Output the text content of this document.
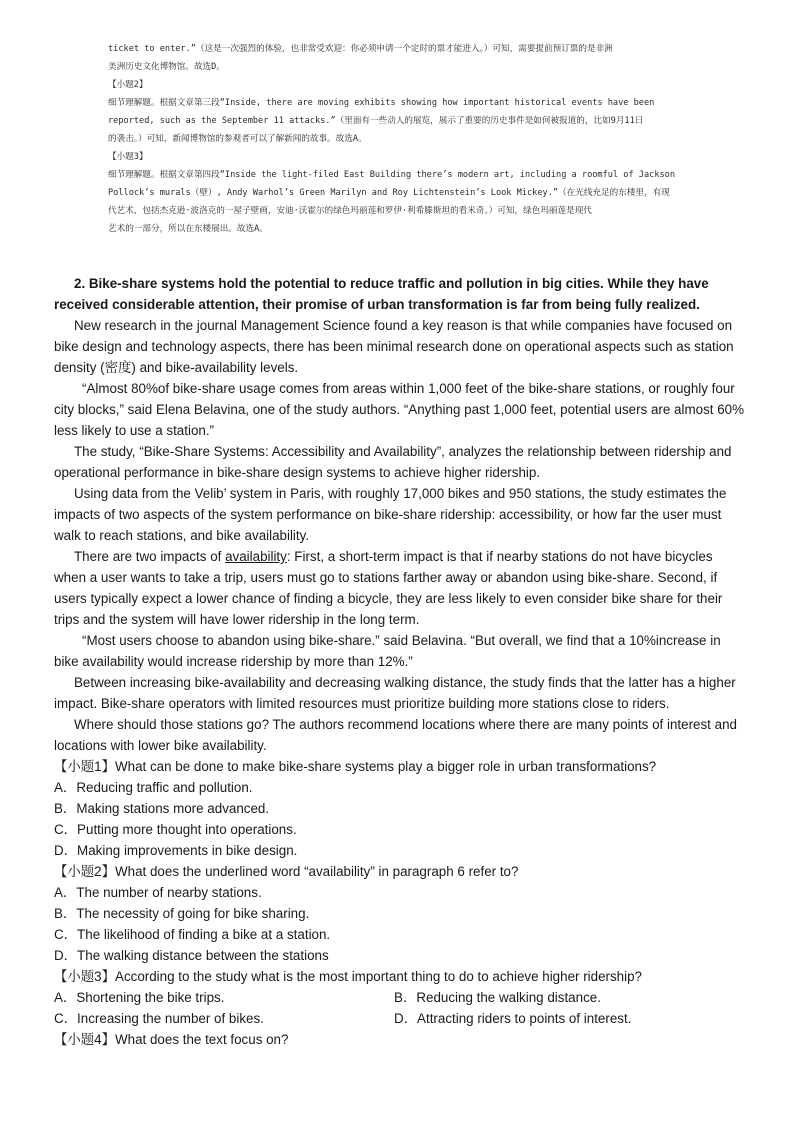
ticket to enter.”（这是一次强烈的体验，也非常受欢迎：你必须申请一个定时的票才能进入。）可知，需要提前预订票的是非洲

美洲历史文化博物馆。故选D。

【小题2】

细节理解题。根据文章第三段“Inside, there are moving exhibits showing how important historical events have been

reported, such as the September 11 attacks.”（里面有一些动人的展览，展示了重要的历史事件是如何被报道的，比如9月11日

的袭击。）可知，新闻博物馆的参观者可以了解新闻的故事。故选A。

【小题3】

细节理解题。根据文章第四段“Inside the light-filed East Building there’s modern art, including a roomful of Jackson

Pollock’s murals（壁）, Andy Warhol’s Green Marilyn and Roy Lichtenstein’s Look Mickey.”（在光线充足的东楼里，有现

代艺术，包括杰克逊·波洛克的一屋子壁画，安迪·沃霍尔的绿色玛丽莲和罗伊·利希滕斯坦的看米奇。）可知，绿色玛丽莲是现代

艺术的一部分，所以在东楼展出。故选A。

2. Bike-share systems hold the potential to reduce traffic and pollution in big cities. While they have received considerable attention, their promise of urban transformation is far from being fully realized.

New research in the journal Management Science found a key reason is that while companies have focused on bike design and technology aspects, there has been minimal research done on operational aspects such as station density (密度) and bike-availability levels.

“Almost 80%of bike-share usage comes from areas within 1,000 feet of the bike-share stations, or roughly four city blocks,” said Elena Belavina, one of the study authors. “Anything past 1,000 feet, potential users are almost 60% less likely to use a station.”

The study, “Bike-Share Systems: Accessibility and Availability”, analyzes the relationship between ridership and operational performance in bike-share design systems to achieve higher ridership.

Using data from the Velib’ system in Paris, with roughly 17,000 bikes and 950 stations, the study estimates the impacts of two aspects of the system performance on bike-share ridership: accessibility, or how far the user must walk to reach stations, and bike availability.

There are two impacts of availability: First, a short-term impact is that if nearby stations do not have bicycles when a user wants to take a trip, users must go to stations farther away or abandon using bike-share. Second, if users typically expect a lower chance of finding a bicycle, they are less likely to even consider bike share for their trips and the system will have lower ridership in the long term.

“Most users choose to abandon using bike-share.” said Belavina. “But overall, we find that a 10%increase in bike availability would increase ridership by more than 12%.”

Between increasing bike-availability and decreasing walking distance, the study finds that the latter has a higher impact. Bike-share operators with limited resources must prioritize building more stations close to riders.

Where should those stations go? The authors recommend locations where there are many points of interest and locations with lower bike availability.

【小题1】What can be done to make bike-share systems play a bigger role in urban transformations?

A．Reducing traffic and pollution.

B．Making stations more advanced.

C．Putting more thought into operations.

D．Making improvements in bike design.

【小题2】What does the underlined word “availability” in paragraph 6 refer to?

A．The number of nearby stations.

B．The necessity of going for bike sharing.

C．The likelihood of finding a bike at a station.

D．The walking distance between the stations

【小题3】According to the study what is the most important thing to do to achieve higher ridership?

A．Shortening the bike trips.	B．Reducing the walking distance.
C．Increasing the number of bikes.	D．Attracting riders to points of interest.

【小题4】What does the text focus on?
